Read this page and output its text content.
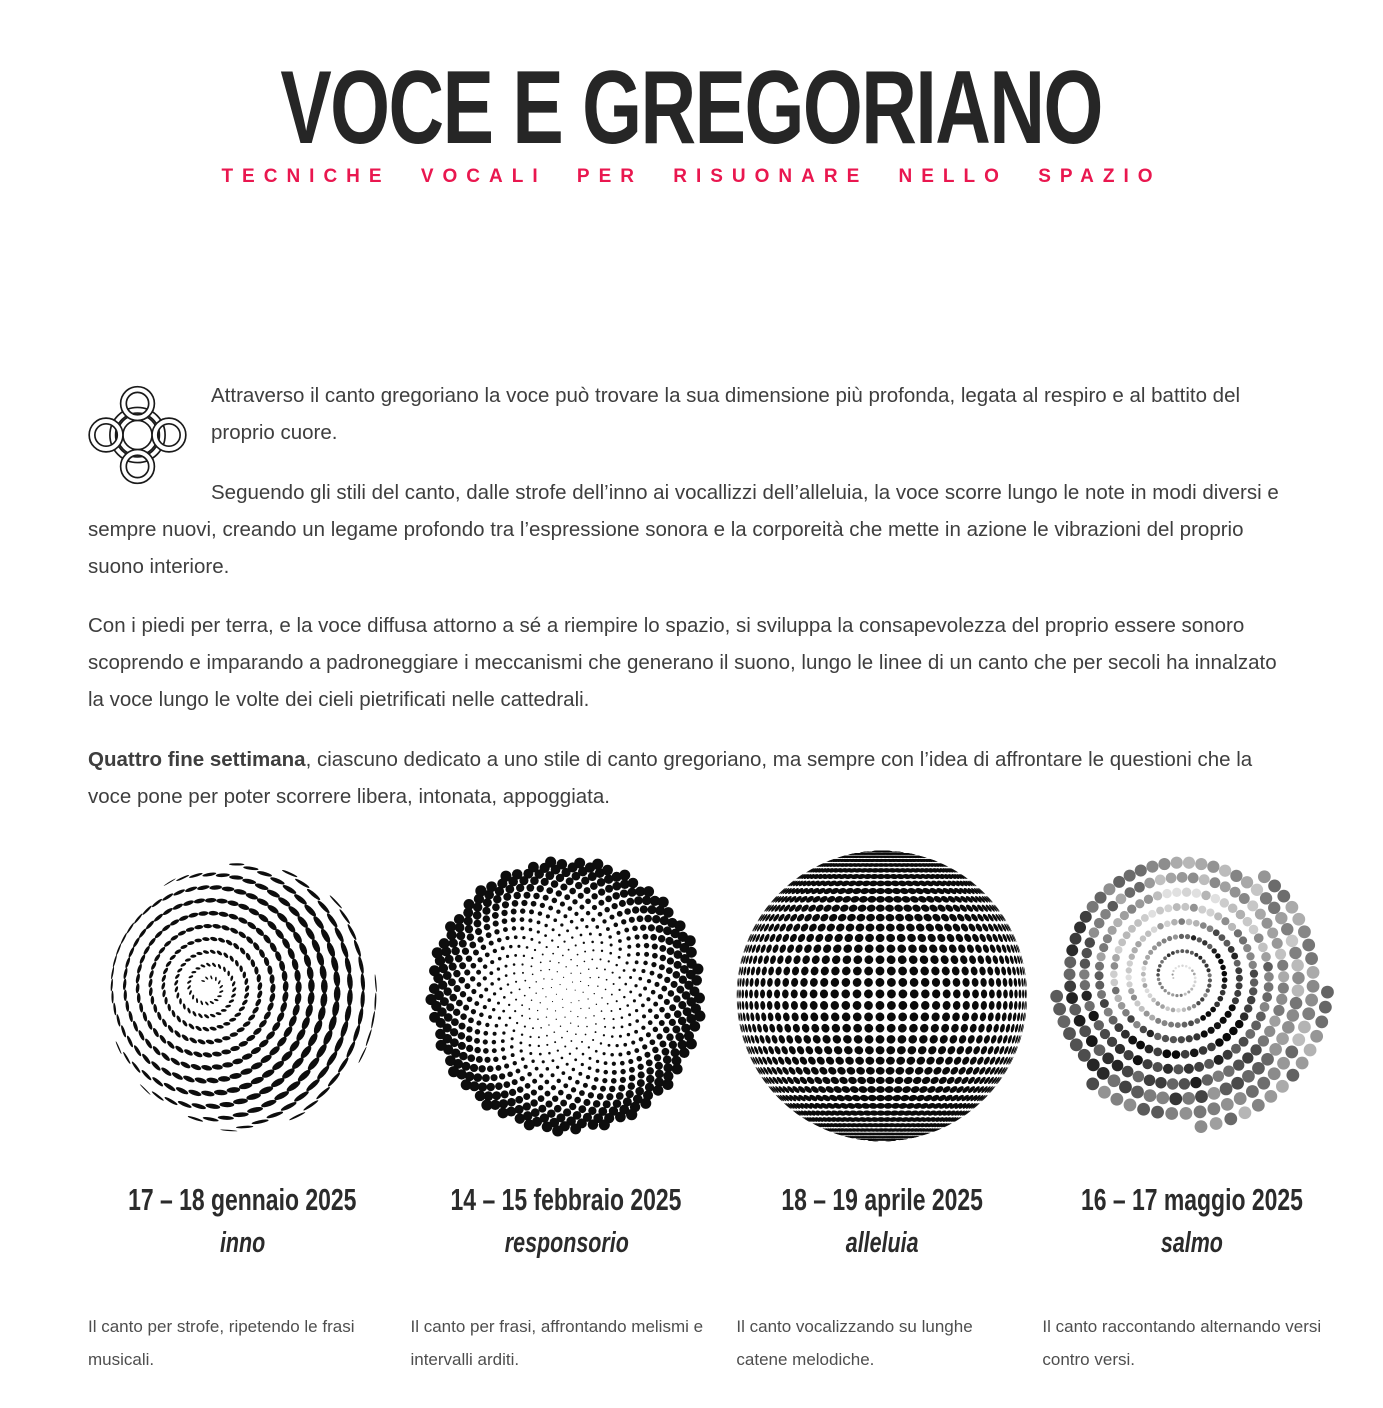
VOCE E GREGORIANO
TECNICHE VOCALI PER RISUONARE NELLO SPAZIO

Attraverso il canto gregoriano la voce può trovare la sua dimensione più profonda, legata al respiro e al battito del proprio cuore.

Seguendo gli stili del canto, dalle strofe dell’inno ai vocallizzi dell’alleluia, la voce scorre lungo le note in modi diversi e sempre nuovi, creando un legame profondo tra l’espressione sonora e la corporeità che mette in azione le vibrazioni del proprio suono interiore.

Con i piedi per terra, e la voce diffusa attorno a sé a riempire lo spazio, si sviluppa la consapevolezza del proprio essere sonoro scoprendo e imparando a padroneggiare i meccanismi che generano il suono, lungo le linee di un canto che per secoli ha innalzato la voce lungo le volte dei cieli pietrificati nelle cattedrali.

Quattro fine settimana, ciascuno dedicato a uno stile di canto gregoriano, ma sempre con l’idea di affrontare le questioni che la voce pone per poter scorrere libera, intonata, appoggiata.

17 – 18 gennaio 2025
inno

Il canto per strofe, ripetendo le frasi musicali.

14 – 15 febbraio 2025
responsorio

Il canto per frasi, affrontando melismi e intervalli arditi.

18 – 19 aprile 2025
alleluia

Il canto vocalizzando su lunghe catene melodiche.

16 – 17 maggio 2025
salmo

Il canto raccontando alternando versi contro versi.
